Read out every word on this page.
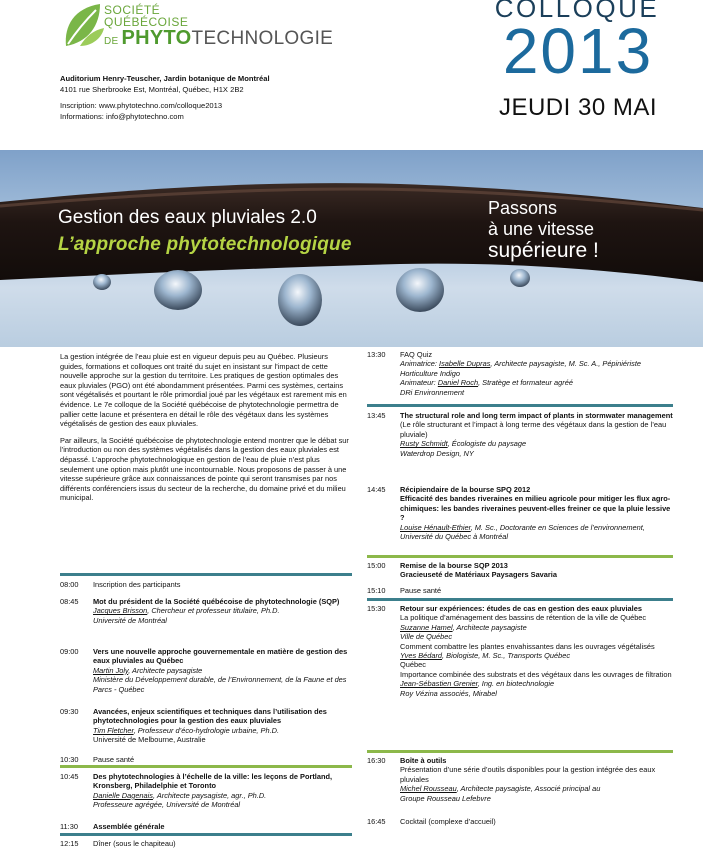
SOCIÉTÉ
QUÉBÉCOISE
DE PHYTOTECHNOLOGIE
Auditorium Henry-Teuscher, Jardin botanique de Montréal
4101 rue Sherbrooke Est, Montréal, Québec, H1X 2B2
Inscription: www.phytotechno.com/colloque2013
Informations: info@phytotechno.com
COLLOQUE
2013
JEUDI 30 MAI
Gestion des eaux pluviales 2.0
L’approche phytotechnologique
Passons
à une vitesse
supérieure !

La gestion intégrée de l’eau pluie est en vigueur depuis peu au Québec. Plusieurs guides, formations et colloques ont traité du sujet en insistant sur l’impact de cette nouvelle approche sur la gestion du territoire. Les pratiques de gestion optimales des eaux pluviales (PGO) ont été abondamment présentées. Parmi ces systèmes, certains sont végétalisés et pourtant le rôle primordial joué par les végétaux est rarement mis en évidence. Le 7e colloque de la Société québécoise de phytotechnologie permettra de pallier cette lacune et présentera en détail le rôle des végétaux dans les systèmes végétalisés de gestion des eaux pluviales.

Par ailleurs, la Société québécoise de phytotechnologie entend montrer que le débat sur l’introduction ou non des systèmes végétalisés dans la gestion des eaux pluviales est dépassé. L’approche phytotechnologique en gestion de l’eau de pluie n’est plus seulement une option mais plutôt une incontournable. Nous proposons de passer à une vitesse supérieure grâce aux connaissances de pointe qui seront transmises par nos différents conférenciers issus du secteur de la recherche, du domaine privé et du milieu municipal.

08:00	Inscription des participants
08:45	Mot du président de la Société québécoise de phytotechnologie (SQP)
Jacques Brisson, Chercheur et professeur titulaire, Ph.D.
Université de Montréal
09:00	Vers une nouvelle approche gouvernementale en matière de gestion des eaux pluviales au Québec
Martin Joly, Architecte paysagiste
Ministère du Développement durable, de l’Environnement, de la Faune et des Parcs - Québec
09:30	Avancées, enjeux scientifiques et techniques dans l’utilisation des phytotechnologies pour la gestion des eaux pluviales
Tim Fletcher, Professeur d’éco-hydrologie urbaine, Ph.D.
Université de Melbourne, Australie
10:30	Pause santé
10:45	Des phytotechnologies à l’échelle de la ville: les leçons de Portland, Kronsberg, Philadelphie et Toronto
Danielle Dagenais, Architecte paysagiste, agr., Ph.D.
Professeure agrégée, Université de Montréal
11:30	Assemblée générale
12:15	Dîner (sous le chapiteau)
13:30	FAQ Quiz
Animatrice: Isabelle Dupras, Architecte paysagiste, M. Sc. A., Pépiniériste
Horticulture Indigo
Animateur: Daniel Roch, Stratège et formateur agréé
DRi Environnement
13:45	The structural role and long term impact of plants in stormwater management
(Le rôle structurant et l’impact à long terme des végétaux dans la gestion de l’eau pluviale)
Rusty Schmidt, Écologiste du paysage
Waterdrop Design, NY
14:45	Récipiendaire de la bourse SPQ 2012
Efficacité des bandes riveraines en milieu agricole pour mitiger les flux agro-chimiques: les bandes riveraines peuvent-elles freiner ce que la pluie lessive ?
Louise Hénault-Ethier, M. Sc., Doctorante en Sciences de l’environnement, Université du Québec à Montréal
15:00	Remise de la bourse SQP 2013
Gracieuseté de Matériaux Paysagers Savaria
15:10	Pause santé
15:30	Retour sur expériences: études de cas en gestion des eaux pluviales
La politique d’aménagement des bassins de rétention de la ville de Québec
Suzanne Hamel, Architecte paysagiste
Ville de Québec
Comment combattre les plantes envahissantes dans les ouvrages végétalisés
Yves Bédard, Biologiste, M. Sc., Transports Québec
Québec
Importance combinée des substrats et des végétaux dans les ouvrages de filtration
Jean-Sébastien Grenier, Ing. en biotechnologie
Roy Vézina associés, Mirabel
16:30	Boîte à outils
Présentation d’une série d’outils disponibles pour la gestion intégrée des eaux pluviales
Michel Rousseau, Architecte paysagiste, Associé principal au
Groupe Rousseau Lefebvre
16:45	Cocktail (complexe d’accueil)
